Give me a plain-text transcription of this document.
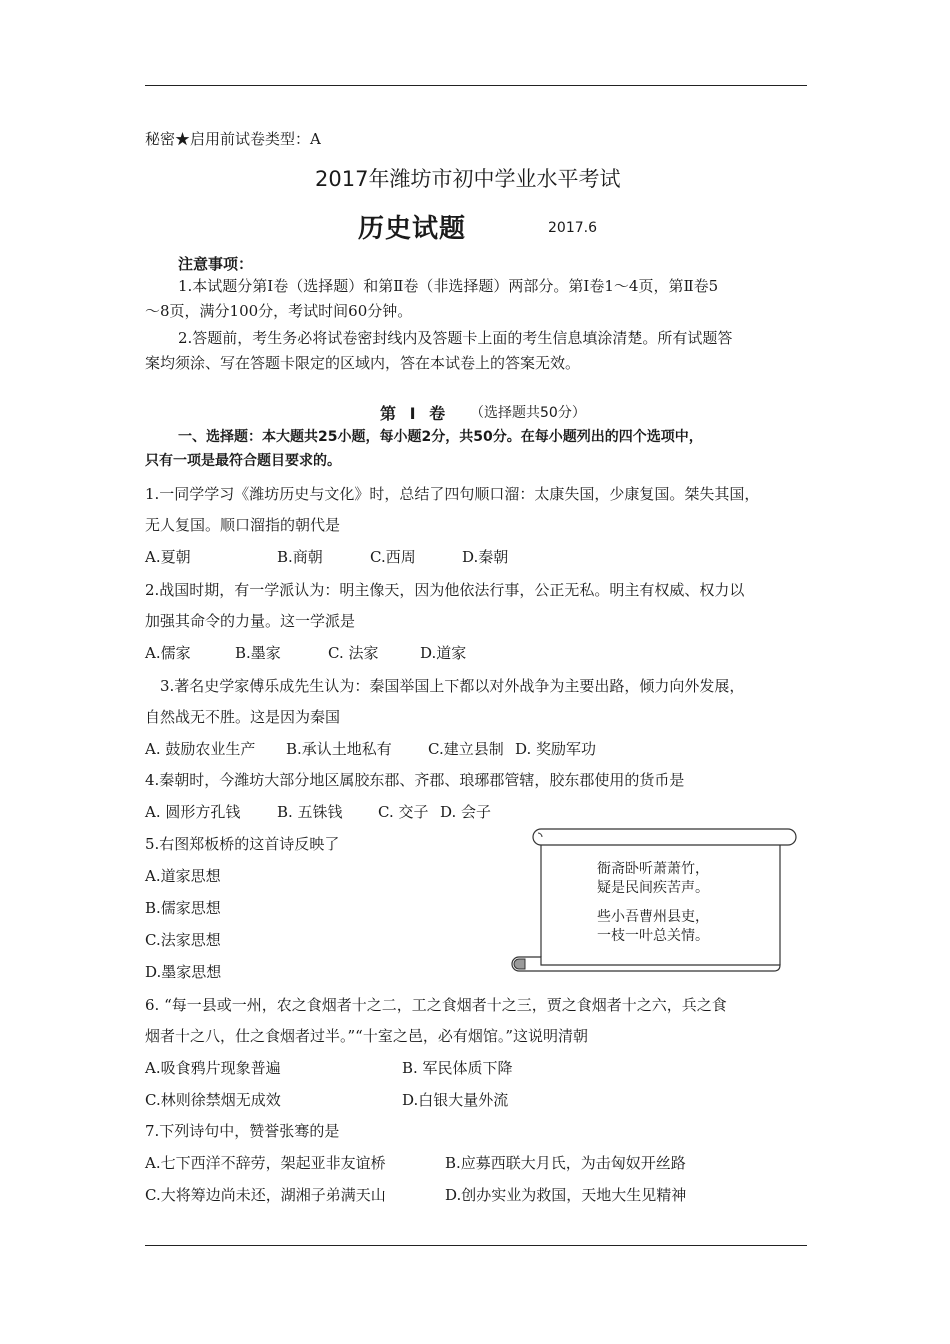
秘密★启用前试卷类型：A
2017年潍坊市初中学业水平考试
历史试题	2017.6
注意事项：
1.本试题分第Ⅰ卷（选择题）和第Ⅱ卷（非选择题）两部分。第Ⅰ卷1～4页，第Ⅱ卷5
～8页，满分100分，考试时间60分钟。
2.答题前，考生务必将试卷密封线内及答题卡上面的考生信息填涂清楚。所有试题答
案均须涂、写在答题卡限定的区域内，答在本试卷上的答案无效。
第 Ⅰ 卷 （选择题共50分）
一、选择题：本大题共25小题，每小题2分，共50分。在每小题列出的四个选项中，
只有一项是最符合题目要求的。
1.一同学学习《潍坊历史与文化》时，总结了四句顺口溜：太康失国，少康复国。桀失其国，
无人复国。顺口溜指的朝代是
A.夏朝	B.商朝	C.西周	D.秦朝
2.战国时期，有一学派认为：明主像天，因为他依法行事，公正无私。明主有权威、权力以
加强其命令的力量。这一学派是
A.儒家	B.墨家	C. 法家	D.道家
3.著名史学家傅乐成先生认为：秦国举国上下都以对外战争为主要出路，倾力向外发展，
自然战无不胜。这是因为秦国
A. 鼓励农业生产 B.承认土地私有 C.建立县制 D. 奖励军功
4.秦朝时，今潍坊大部分地区属胶东郡、齐郡、琅琊郡管辖，胶东郡使用的货币是
A. 圆形方孔钱 B. 五铢钱 C. 交子 D. 会子
5.右图郑板桥的这首诗反映了
A.道家思想
B.儒家思想
C.法家思想
D.墨家思想
衙斋卧听萧萧竹，
疑是民间疾苦声。
些小吾曹州县吏，
一枝一叶总关情。
6. “每一县或一州，农之食烟者十之二，工之食烟者十之三，贾之食烟者十之六，兵之食
烟者十之八，仕之食烟者过半。”“十室之邑，必有烟馆。”这说明清朝
A.吸食鸦片现象普遍	B. 军民体质下降
C.林则徐禁烟无成效	D.白银大量外流
7.下列诗句中，赞誉张骞的是
A.七下西洋不辞劳，架起亚非友谊桥	B.应募西联大月氏，为击匈奴开丝路
C.大将筹边尚未还，湖湘子弟满天山	D.创办实业为救国，天地大生见精神
